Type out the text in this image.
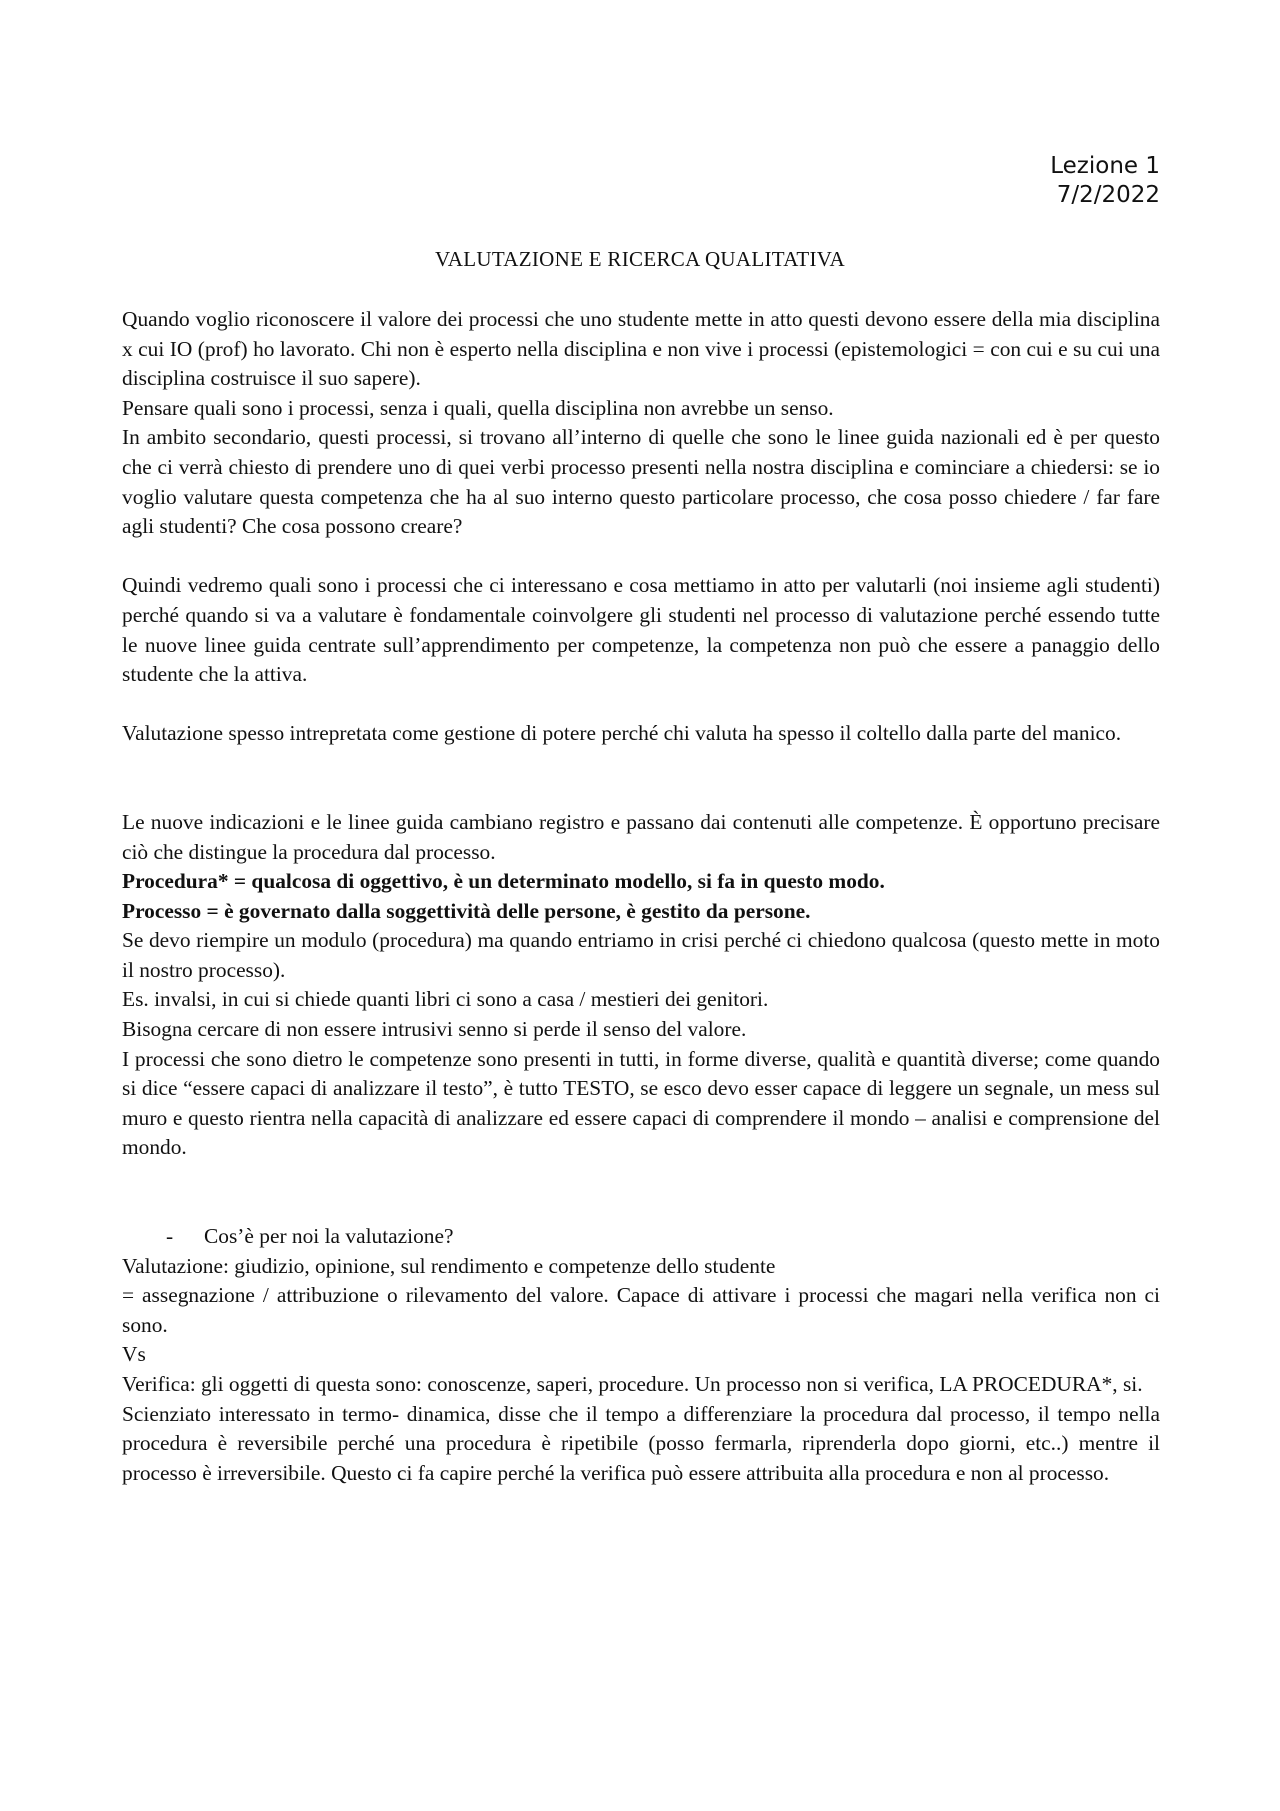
Lezione 1
7/2/2022
VALUTAZIONE E RICERCA QUALITATIVA

Quando voglio riconoscere il valore dei processi che uno studente mette in atto questi devono essere della mia disciplina x cui IO (prof) ho lavorato. Chi non è esperto nella disciplina e non vive i processi (epistemologici = con cui e su cui una disciplina costruisce il suo sapere).

Pensare quali sono i processi, senza i quali, quella disciplina non avrebbe un senso.

In ambito secondario, questi processi, si trovano all’interno di quelle che sono le linee guida nazionali ed è per questo che ci verrà chiesto di prendere uno di quei verbi processo presenti nella nostra disciplina e cominciare a chiedersi: se io voglio valutare questa competenza che ha al suo interno questo particolare processo, che cosa posso chiedere / far fare agli studenti? Che cosa possono creare?

Quindi vedremo quali sono i processi che ci interessano e cosa mettiamo in atto per valutarli (noi insieme agli studenti) perché quando si va a valutare è fondamentale coinvolgere gli studenti nel processo di valutazione perché essendo tutte le nuove linee guida centrate sull’apprendimento per competenze, la competenza non può che essere a panaggio dello studente che la attiva.

Valutazione spesso intrepretata come gestione di potere perché chi valuta ha spesso il coltello dalla parte del manico.

Le nuove indicazioni e le linee guida cambiano registro e passano dai contenuti alle competenze. È opportuno precisare ciò che distingue la procedura dal processo.

Procedura* = qualcosa di oggettivo, è un determinato modello, si fa in questo modo.

Processo = è governato dalla soggettività delle persone, è gestito da persone.

Se devo riempire un modulo (procedura) ma quando entriamo in crisi perché ci chiedono qualcosa (questo mette in moto il nostro processo).

Es. invalsi, in cui si chiede quanti libri ci sono a casa / mestieri dei genitori.

Bisogna cercare di non essere intrusivi senno si perde il senso del valore.

I processi che sono dietro le competenze sono presenti in tutti, in forme diverse, qualità e quantità diverse; come quando si dice “essere capaci di analizzare il testo”, è tutto TESTO, se esco devo esser capace di leggere un segnale, un mess sul muro e questo rientra nella capacità di analizzare ed essere capaci di comprendere il mondo – analisi e comprensione del mondo.

-	Cos’è per noi la valutazione?

Valutazione: giudizio, opinione, sul rendimento e competenze dello studente

= assegnazione / attribuzione o rilevamento del valore. Capace di attivare i processi che magari nella verifica non ci sono.

Vs

Verifica: gli oggetti di questa sono: conoscenze, saperi, procedure. Un processo non si verifica, LA PROCEDURA*, si.

Scienziato interessato in termo- dinamica, disse che il tempo a differenziare la procedura dal processo, il tempo nella procedura è reversibile perché una procedura è ripetibile (posso fermarla, riprenderla dopo giorni, etc..) mentre il processo è irreversibile. Questo ci fa capire perché la verifica può essere attribuita alla procedura e non al processo.
